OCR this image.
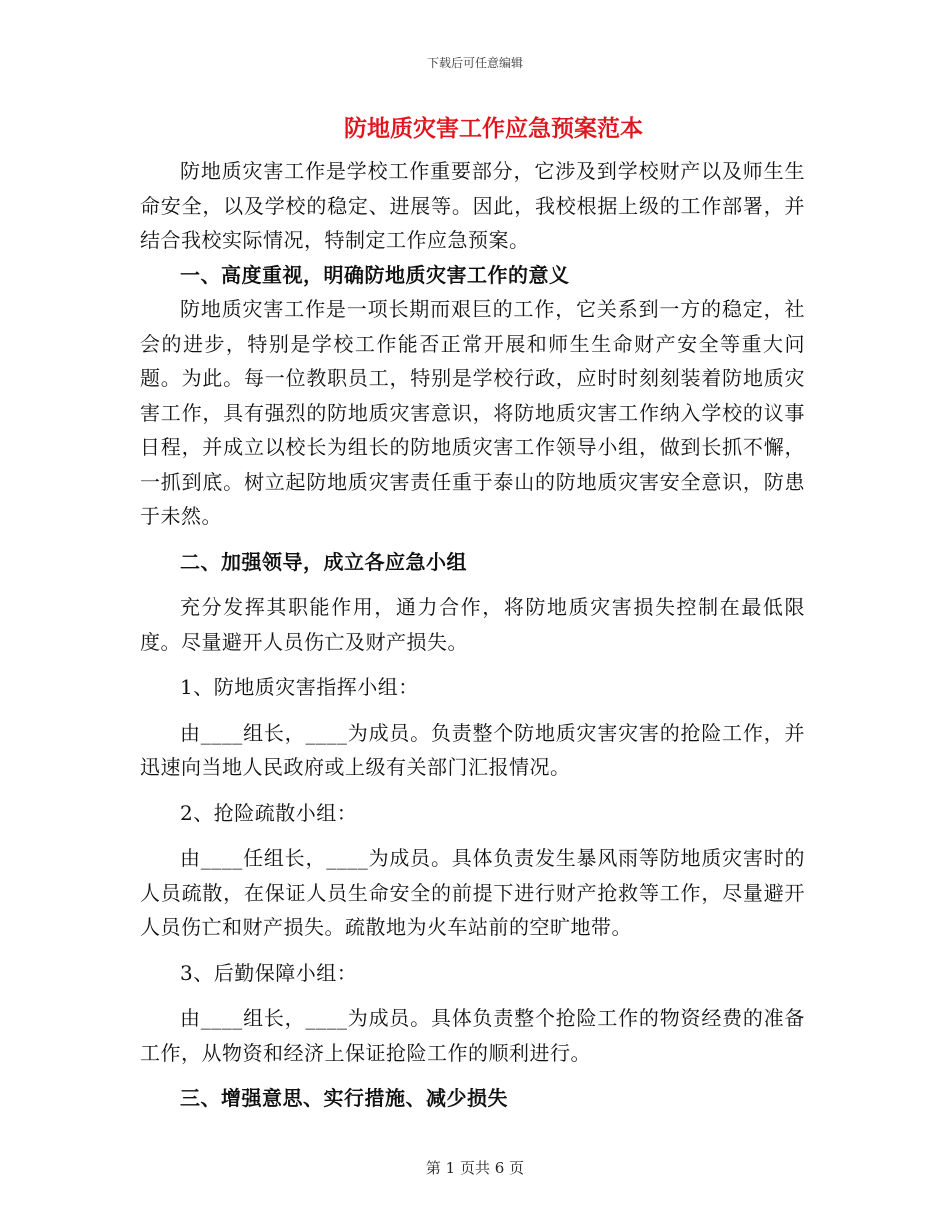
下载后可任意编辑
防地质灾害工作应急预案范本

防地质灾害工作是学校工作重要部分，它涉及到学校财产以及师生生命安全，以及学校的稳定、进展等。因此，我校根据上级的工作部署，并结合我校实际情况，特制定工作应急预案。

一、高度重视，明确防地质灾害工作的意义

防地质灾害工作是一项长期而艰巨的工作，它关系到一方的稳定，社会的进步，特别是学校工作能否正常开展和师生生命财产安全等重大问题。为此。每一位教职员工，特别是学校行政，应时时刻刻装着防地质灾害工作，具有强烈的防地质灾害意识，将防地质灾害工作纳入学校的议事日程，并成立以校长为组长的防地质灾害工作领导小组，做到长抓不懈，一抓到底。树立起防地质灾害责任重于泰山的防地质灾害安全意识，防患于未然。

二、加强领导，成立各应急小组

充分发挥其职能作用，通力合作，将防地质灾害损失控制在最低限度。尽量避开人员伤亡及财产损失。

1、防地质灾害指挥小组：

由____组长，____为成员。负责整个防地质灾害灾害的抢险工作，并迅速向当地人民政府或上级有关部门汇报情况。

2、抢险疏散小组：

由____任组长，____为成员。具体负责发生暴风雨等防地质灾害时的人员疏散，在保证人员生命安全的前提下进行财产抢救等工作，尽量避开人员伤亡和财产损失。疏散地为火车站前的空旷地带。

3、后勤保障小组：

由____组长，____为成员。具体负责整个抢险工作的物资经费的准备工作，从物资和经济上保证抢险工作的顺利进行。

三、增强意思、实行措施、减少损失

第 1 页共 6 页
